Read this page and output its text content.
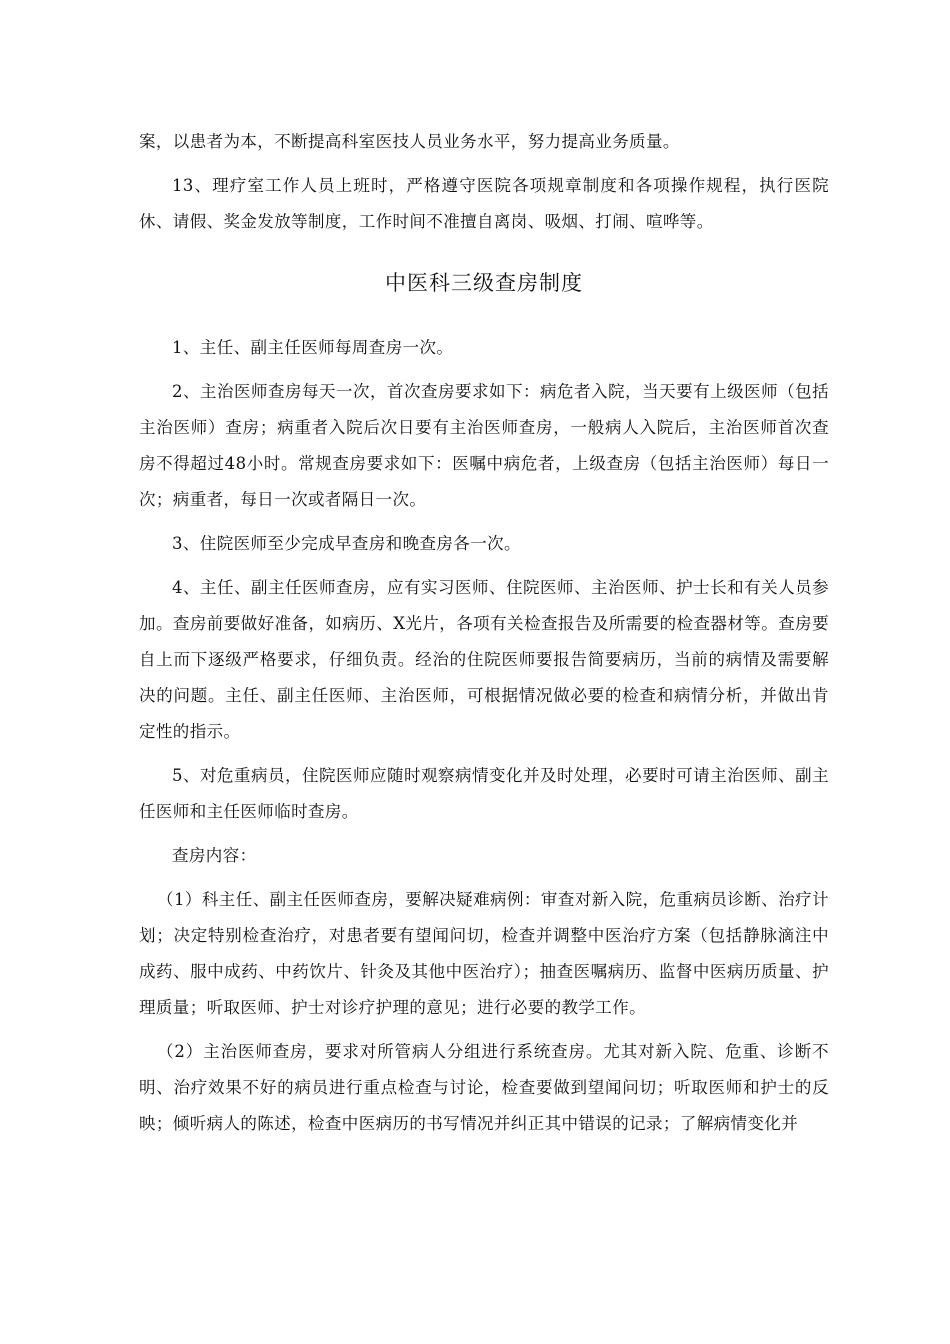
案，以患者为本，不断提高科室医技人员业务水平，努力提高业务质量。

13、理疗室工作人员上班时，严格遵守医院各项规章制度和各项操作规程，执行医院休、请假、奖金发放等制度，工作时间不准擅自离岗、吸烟、打闹、喧哗等。

中医科三级查房制度

1、主任、副主任医师每周查房一次。

2、主治医师查房每天一次，首次查房要求如下：病危者入院，当天要有上级医师（包括主治医师）查房；病重者入院后次日要有主治医师查房，一般病人入院后，主治医师首次查房不得超过48小时。常规查房要求如下：医嘱中病危者，上级查房（包括主治医师）每日一次；病重者，每日一次或者隔日一次。

3、住院医师至少完成早查房和晚查房各一次。

4、主任、副主任医师查房，应有实习医师、住院医师、主治医师、护士长和有关人员参加。查房前要做好准备，如病历、X光片，各项有关检查报告及所需要的检查器材等。查房要自上而下逐级严格要求，仔细负责。经治的住院医师要报告简要病历，当前的病情及需要解决的问题。主任、副主任医师、主治医师，可根据情况做必要的检查和病情分析，并做出肯定性的指示。

5、对危重病员，住院医师应随时观察病情变化并及时处理，必要时可请主治医师、副主任医师和主任医师临时查房。

查房内容：

（1）科主任、副主任医师查房，要解决疑难病例：审查对新入院，危重病员诊断、治疗计划；决定特别检查治疗，对患者要有望闻问切，检查并调整中医治疗方案（包括静脉滴注中成药、服中成药、中药饮片、针灸及其他中医治疗）；抽查医嘱病历、监督中医病历质量、护理质量；听取医师、护士对诊疗护理的意见；进行必要的教学工作。

（2）主治医师查房，要求对所管病人分组进行系统查房。尤其对新入院、危重、诊断不明、治疗效果不好的病员进行重点检查与讨论，检查要做到望闻问切；听取医师和护士的反映；倾听病人的陈述，检查中医病历的书写情况并纠正其中错误的记录；了解病情变化并
